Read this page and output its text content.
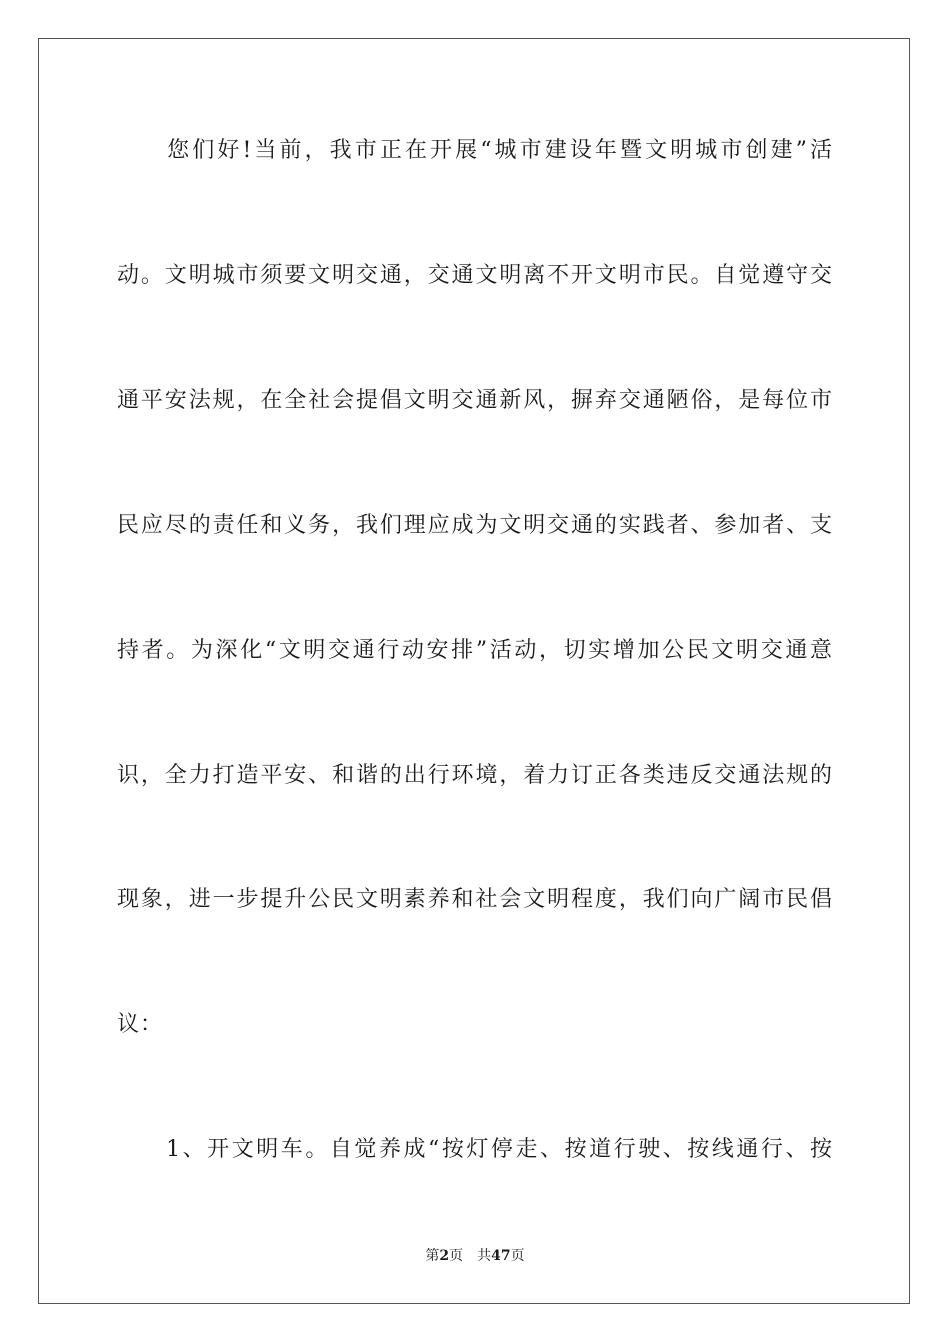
　　您们好!当前，我市正在开展“城市建设年暨文明城市创建”活

动。文明城市须要文明交通，交通文明离不开文明市民。自觉遵守交

通平安法规，在全社会提倡文明交通新风，摒弃交通陋俗，是每位市

民应尽的责任和义务，我们理应成为文明交通的实践者、参加者、支

持者。为深化“文明交通行动安排”活动，切实增加公民文明交通意

识，全力打造平安、和谐的出行环境，着力订正各类违反交通法规的

现象，进一步提升公民文明素养和社会文明程度，我们向广阔市民倡

议：

　　1、开文明车。自觉养成“按灯停走、按道行驶、按线通行、按

第2页 共47页
